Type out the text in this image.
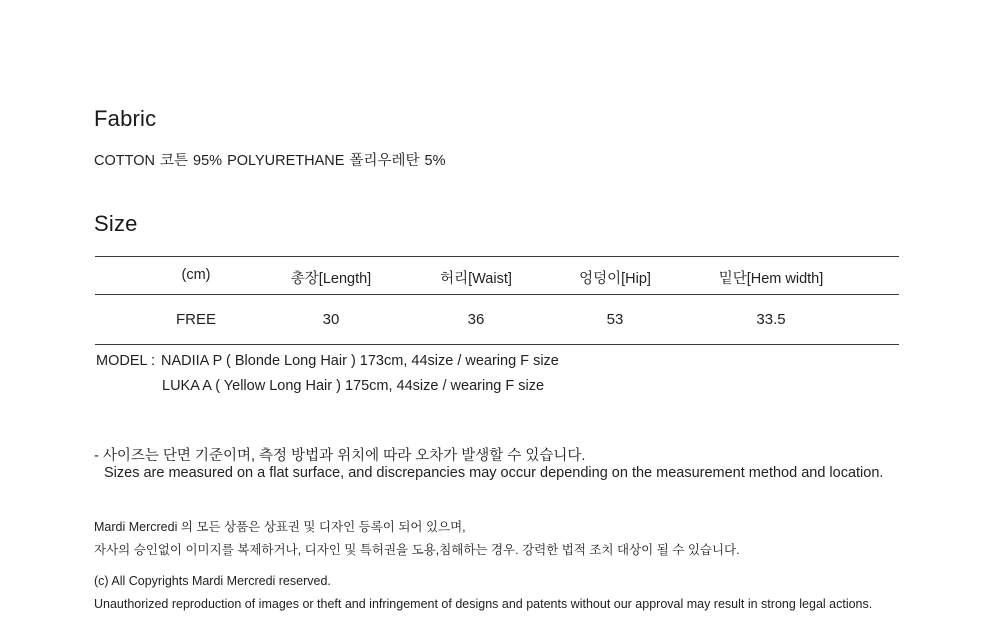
Fabric
COTTON 코튼 95% POLYURETHANE 폴리우레탄 5%
Size
(cm)	총장[Length]	허리[Waist]	엉덩이[Hip]	밑단[Hem width]
FREE	30	36	53	33.5
MODEL : NADIIA P ( Blonde Long Hair ) 173cm, 44size / wearing F size
LUKA A ( Yellow Long Hair ) 175cm, 44size / wearing F size
- 사이즈는 단면 기준이며, 측정 방법과 위치에 따라 오차가 발생할 수 있습니다.
Sizes are measured on a flat surface, and discrepancies may occur depending on the measurement method and location.
Mardi Mercredi 의 모든 상품은 상표권 및 디자인 등록이 되어 있으며,
자사의 승인없이 이미지를 복제하거나, 디자인 및 특허권을 도용,침해하는 경우. 강력한 법적 조치 대상이 될 수 있습니다.
(c) All Copyrights Mardi Mercredi reserved.
Unauthorized reproduction of images or theft and infringement of designs and patents without our approval may result in strong legal actions.
